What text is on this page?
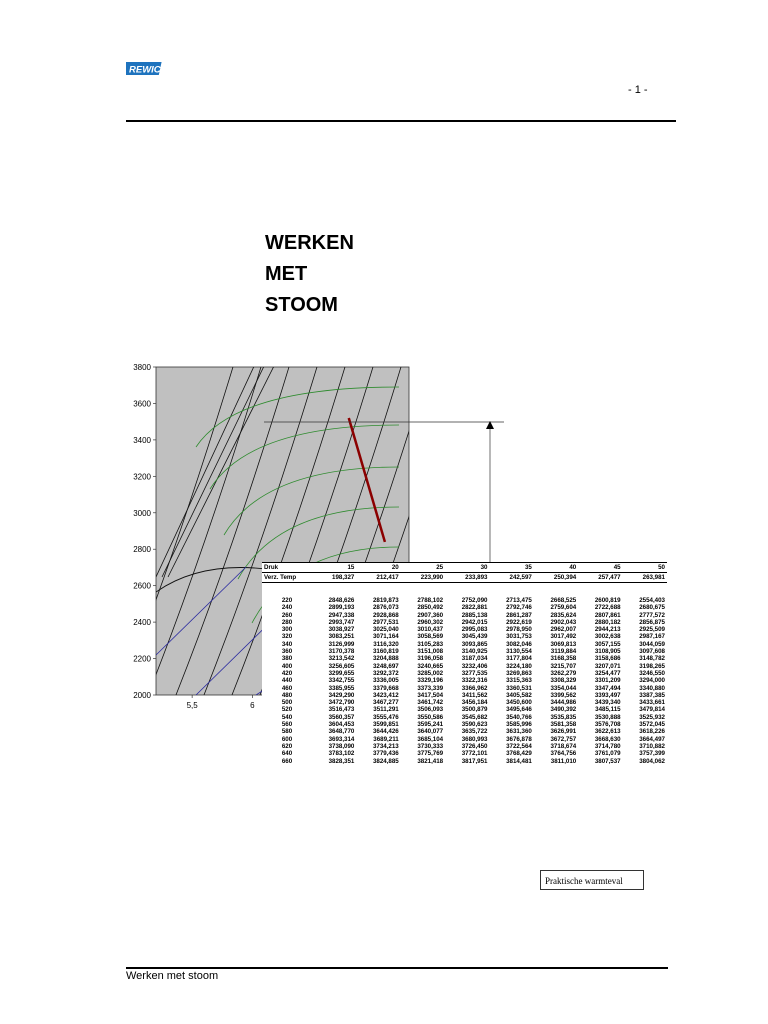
REWIC
- 1 -
WERKEN
MET
STOOM
2000
2200
2400
2600
2800
3000
3200
3400
3600
3800
5,5	6
Praktische warmteval
Druk	15	20	25	30	35	40	45	50
Verz. Temp	198,327	212,417	223,990	233,893	242,597	250,394	257,477	263,981

220	2848,626	2819,873	2788,102	2752,090	2713,475	2668,525	2600,819	2554,403
240	2899,193	2876,073	2850,492	2822,881	2792,746	2759,604	2722,688	2680,675
260	2947,338	2928,868	2907,360	2885,138	2861,287	2835,624	2807,861	2777,572
280	2993,747	2977,531	2960,302	2942,015	2922,619	2902,043	2880,182	2856,875
300	3038,927	3025,040	3010,437	2995,083	2978,950	2962,007	2944,213	2925,509
320	3083,251	3071,164	3058,569	3045,439	3031,753	3017,492	3002,638	2987,167
340	3126,999	3116,320	3105,283	3093,865	3082,046	3069,813	3057,155	3044,059
360	3170,378	3160,819	3151,008	3140,925	3130,554	3119,884	3108,905	3097,608
380	3213,542	3204,888	3196,058	3187,034	3177,804	3168,358	3158,686	3148,782
400	3256,605	3248,697	3240,665	3232,406	3224,180	3215,707	3207,071	3198,265
420	3299,655	3292,372	3285,002	3277,535	3269,863	3262,279	3254,477	3246,550
440	3342,755	3336,005	3329,196	3322,316	3315,363	3308,329	3301,209	3294,000
460	3385,955	3379,668	3373,339	3366,962	3360,531	3354,044	3347,494	3340,880
480	3429,290	3423,412	3417,504	3411,562	3405,582	3399,562	3393,497	3387,385
500	3472,790	3467,277	3461,742	3456,184	3450,600	3444,986	3439,340	3433,661
520	3516,473	3511,291	3506,093	3500,879	3495,646	3490,392	3485,115	3479,814
540	3560,357	3555,476	3550,586	3545,682	3540,766	3535,835	3530,888	3525,932
560	3604,453	3599,851	3595,241	3590,623	3585,996	3581,358	3576,708	3572,045
580	3648,770	3644,426	3640,077	3635,722	3631,360	3626,991	3622,613	3618,226
600	3693,314	3689,211	3685,104	3680,993	3676,878	3672,757	3668,630	3664,497
620	3738,090	3734,213	3730,333	3726,450	3722,564	3718,674	3714,780	3710,882
640	3783,102	3779,436	3775,769	3772,101	3768,429	3764,756	3761,079	3757,399
660	3828,351	3824,885	3821,418	3817,951	3814,481	3811,010	3807,537	3804,062
Werken met stoom
